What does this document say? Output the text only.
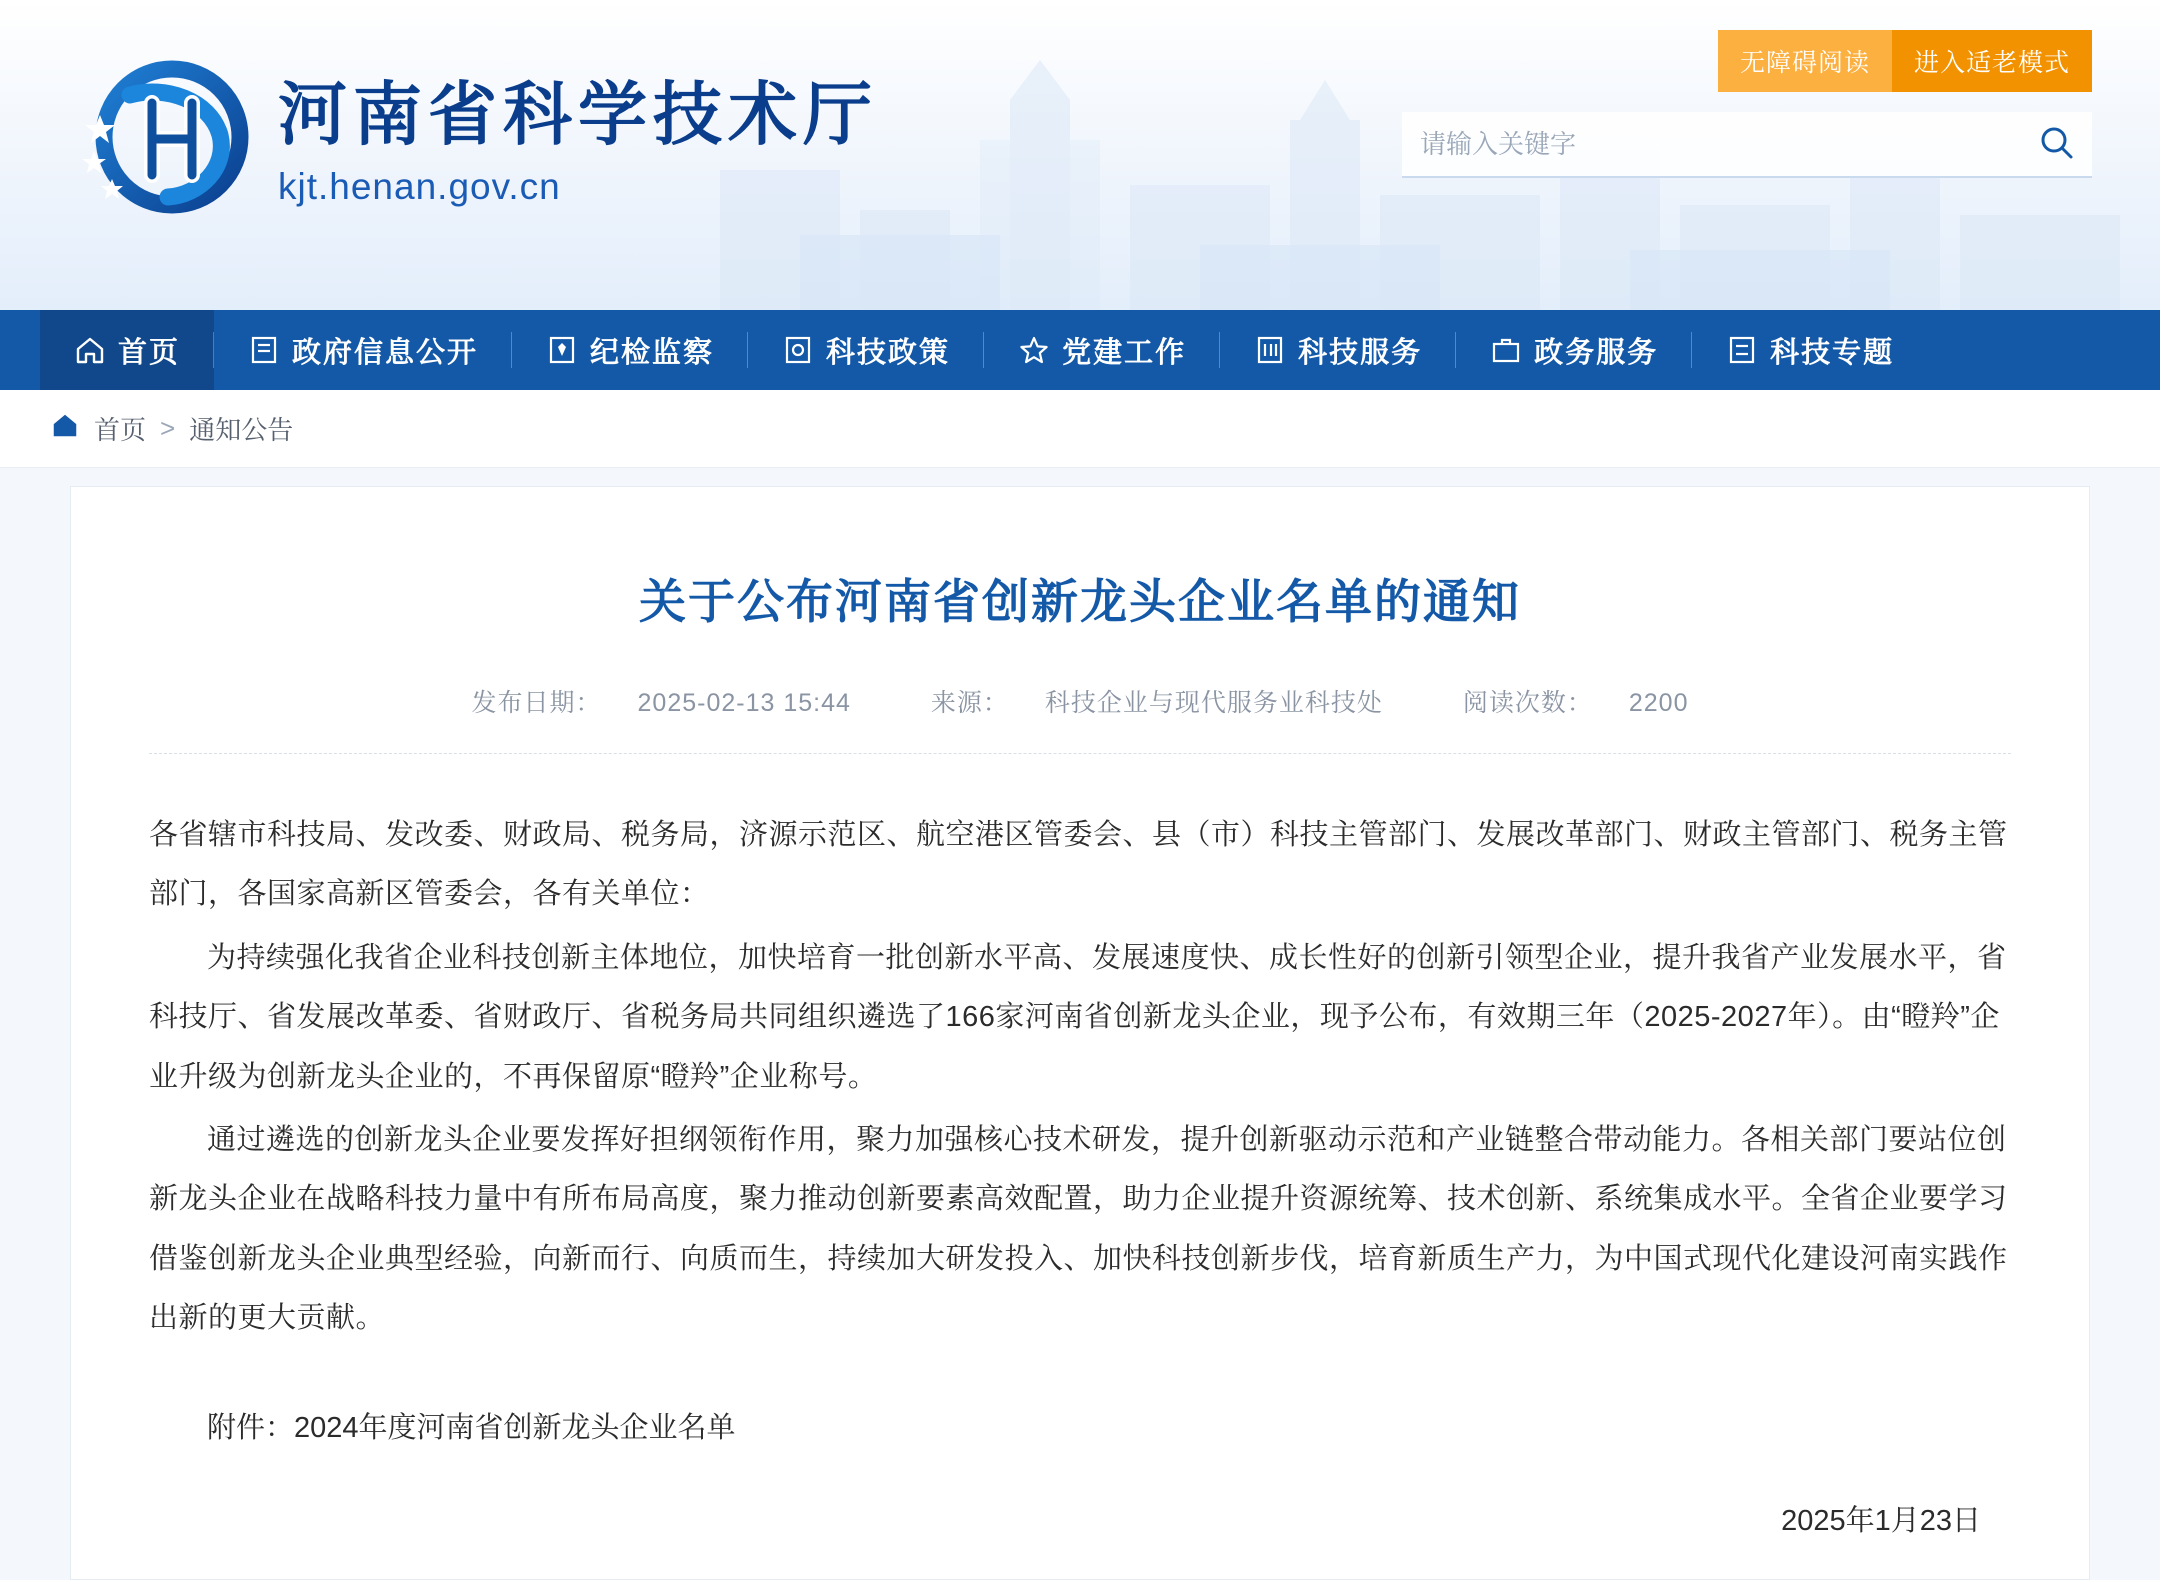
河南省科学技术厅
kjt.henan.gov.cn
无障碍阅读	进入适老模式
请输入关键字
首页	政府信息公开	纪检监察	科技政策	党建工作	科技服务	政务服务	科技专题
首页 > 通知公告
关于公布河南省创新龙头企业名单的通知
发布日期： 2025-02-13 15:44	来源： 科技企业与现代服务业科技处	阅读次数： 2200

各省辖市科技局、发改委、财政局、税务局，济源示范区、航空港区管委会、县（市）科技主管部门、发展改革部门、财政主管部门、税务主管部门，各国家高新区管委会，各有关单位：

为持续强化我省企业科技创新主体地位，加快培育一批创新水平高、发展速度快、成长性好的创新引领型企业，提升我省产业发展水平，省科技厅、省发展改革委、省财政厅、省税务局共同组织遴选了166家河南省创新龙头企业，现予公布，有效期三年（2025-2027年）。由“瞪羚”企业升级为创新龙头企业的，不再保留原“瞪羚”企业称号。

通过遴选的创新龙头企业要发挥好担纲领衔作用，聚力加强核心技术研发，提升创新驱动示范和产业链整合带动能力。各相关部门要站位创新龙头企业在战略科技力量中有所布局高度，聚力推动创新要素高效配置，助力企业提升资源统筹、技术创新、系统集成水平。全省企业要学习借鉴创新龙头企业典型经验，向新而行、向质而生，持续加大研发投入、加快科技创新步伐，培育新质生产力，为中国式现代化建设河南实践作出新的更大贡献。

附件：2024年度河南省创新龙头企业名单
2025年1月23日
